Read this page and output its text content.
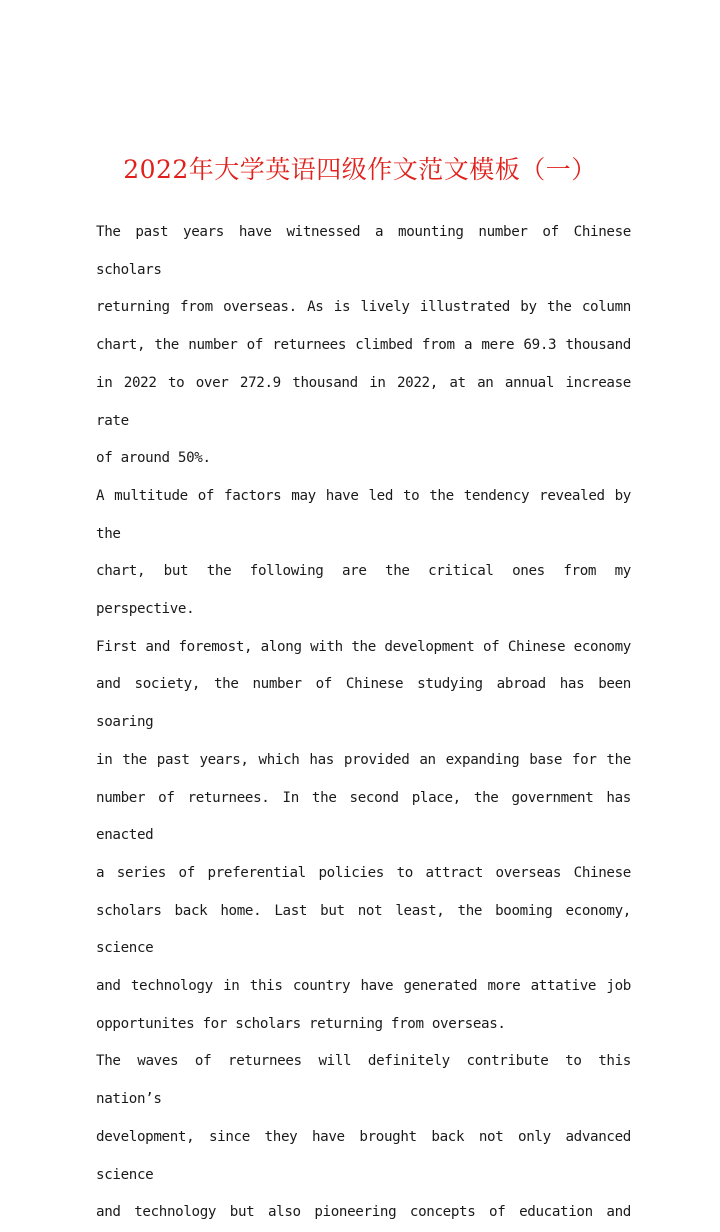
2022年大学英语四级作文范文模板（一）

The past years have witnessed a mounting number of Chinese scholars
returning from overseas. As is lively illustrated by the column
chart, the number of returnees climbed from a mere 69.3 thousand
in 2022 to over 272.9 thousand in 2022, at an annual increase rate
of around 50%.

A multitude of factors may have led to the tendency revealed by the
chart, but the following are the critical ones from my perspective.
First and foremost, along with the development of Chinese economy
and society, the number of Chinese studying abroad has been soaring
in the past years, which has provided an expanding base for the
number of returnees. In the second place, the government has enacted
a series of preferential policies to attract overseas Chinese
scholars back home. Last but not least, the booming economy, science
and technology in this country have generated more attative job
opportunites for scholars returning from overseas.

The waves of returnees will definitely contribute to this nation’s
development, since they have brought back not only advanced science
and technology but also pioneering concepts of education and
